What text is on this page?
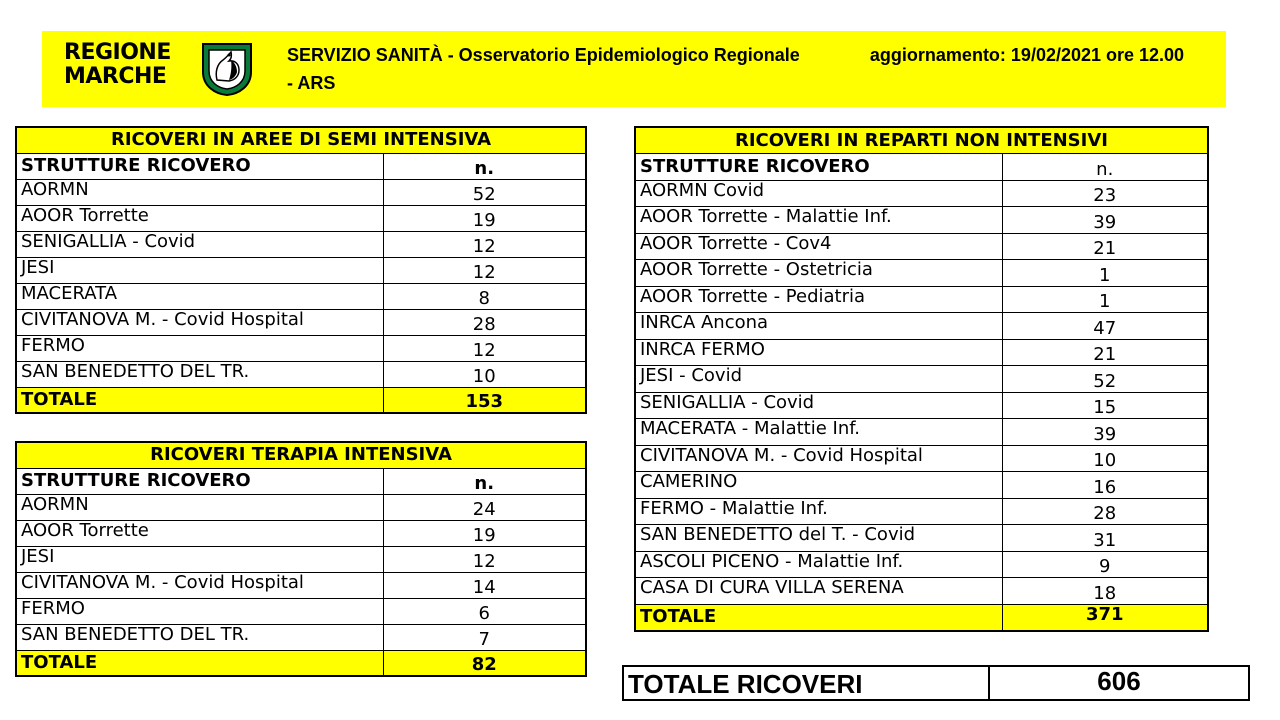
REGIONE
MARCHE
SERVIZIO SANITÀ - Osservatorio Epidemiologico Regionale - ARS
aggiornamento: 19/02/2021 ore 12.00
RICOVERI IN AREE DI SEMI INTENSIVA	
STRUTTURE RICOVERO	n.
AORMN	52
AOOR Torrette	19
SENIGALLIA - Covid	12
JESI	12
MACERATA	8
CIVITANOVA M. - Covid Hospital	28
FERMO	12
SAN BENEDETTO DEL TR.	10
TOTALE	153
RICOVERI TERAPIA INTENSIVA	
STRUTTURE RICOVERO	n.
AORMN	24
AOOR Torrette	19
JESI	12
CIVITANOVA M. - Covid Hospital	14
FERMO	6
SAN BENEDETTO DEL TR.	7
TOTALE	82
RICOVERI IN REPARTI NON INTENSIVI	
STRUTTURE RICOVERO	n.
AORMN Covid	23
AOOR Torrette - Malattie Inf.	39
AOOR Torrette - Cov4	21
AOOR Torrette - Ostetricia	1
AOOR Torrette - Pediatria	1
INRCA Ancona	47
INRCA FERMO	21
JESI - Covid	52
SENIGALLIA - Covid	15
MACERATA - Malattie Inf.	39
CIVITANOVA M. - Covid Hospital	10
CAMERINO	16
FERMO - Malattie Inf.	28
SAN BENEDETTO del T. - Covid	31
ASCOLI PICENO - Malattie Inf.	9
CASA DI CURA VILLA SERENA	18
TOTALE	371
TOTALE RICOVERI	606
